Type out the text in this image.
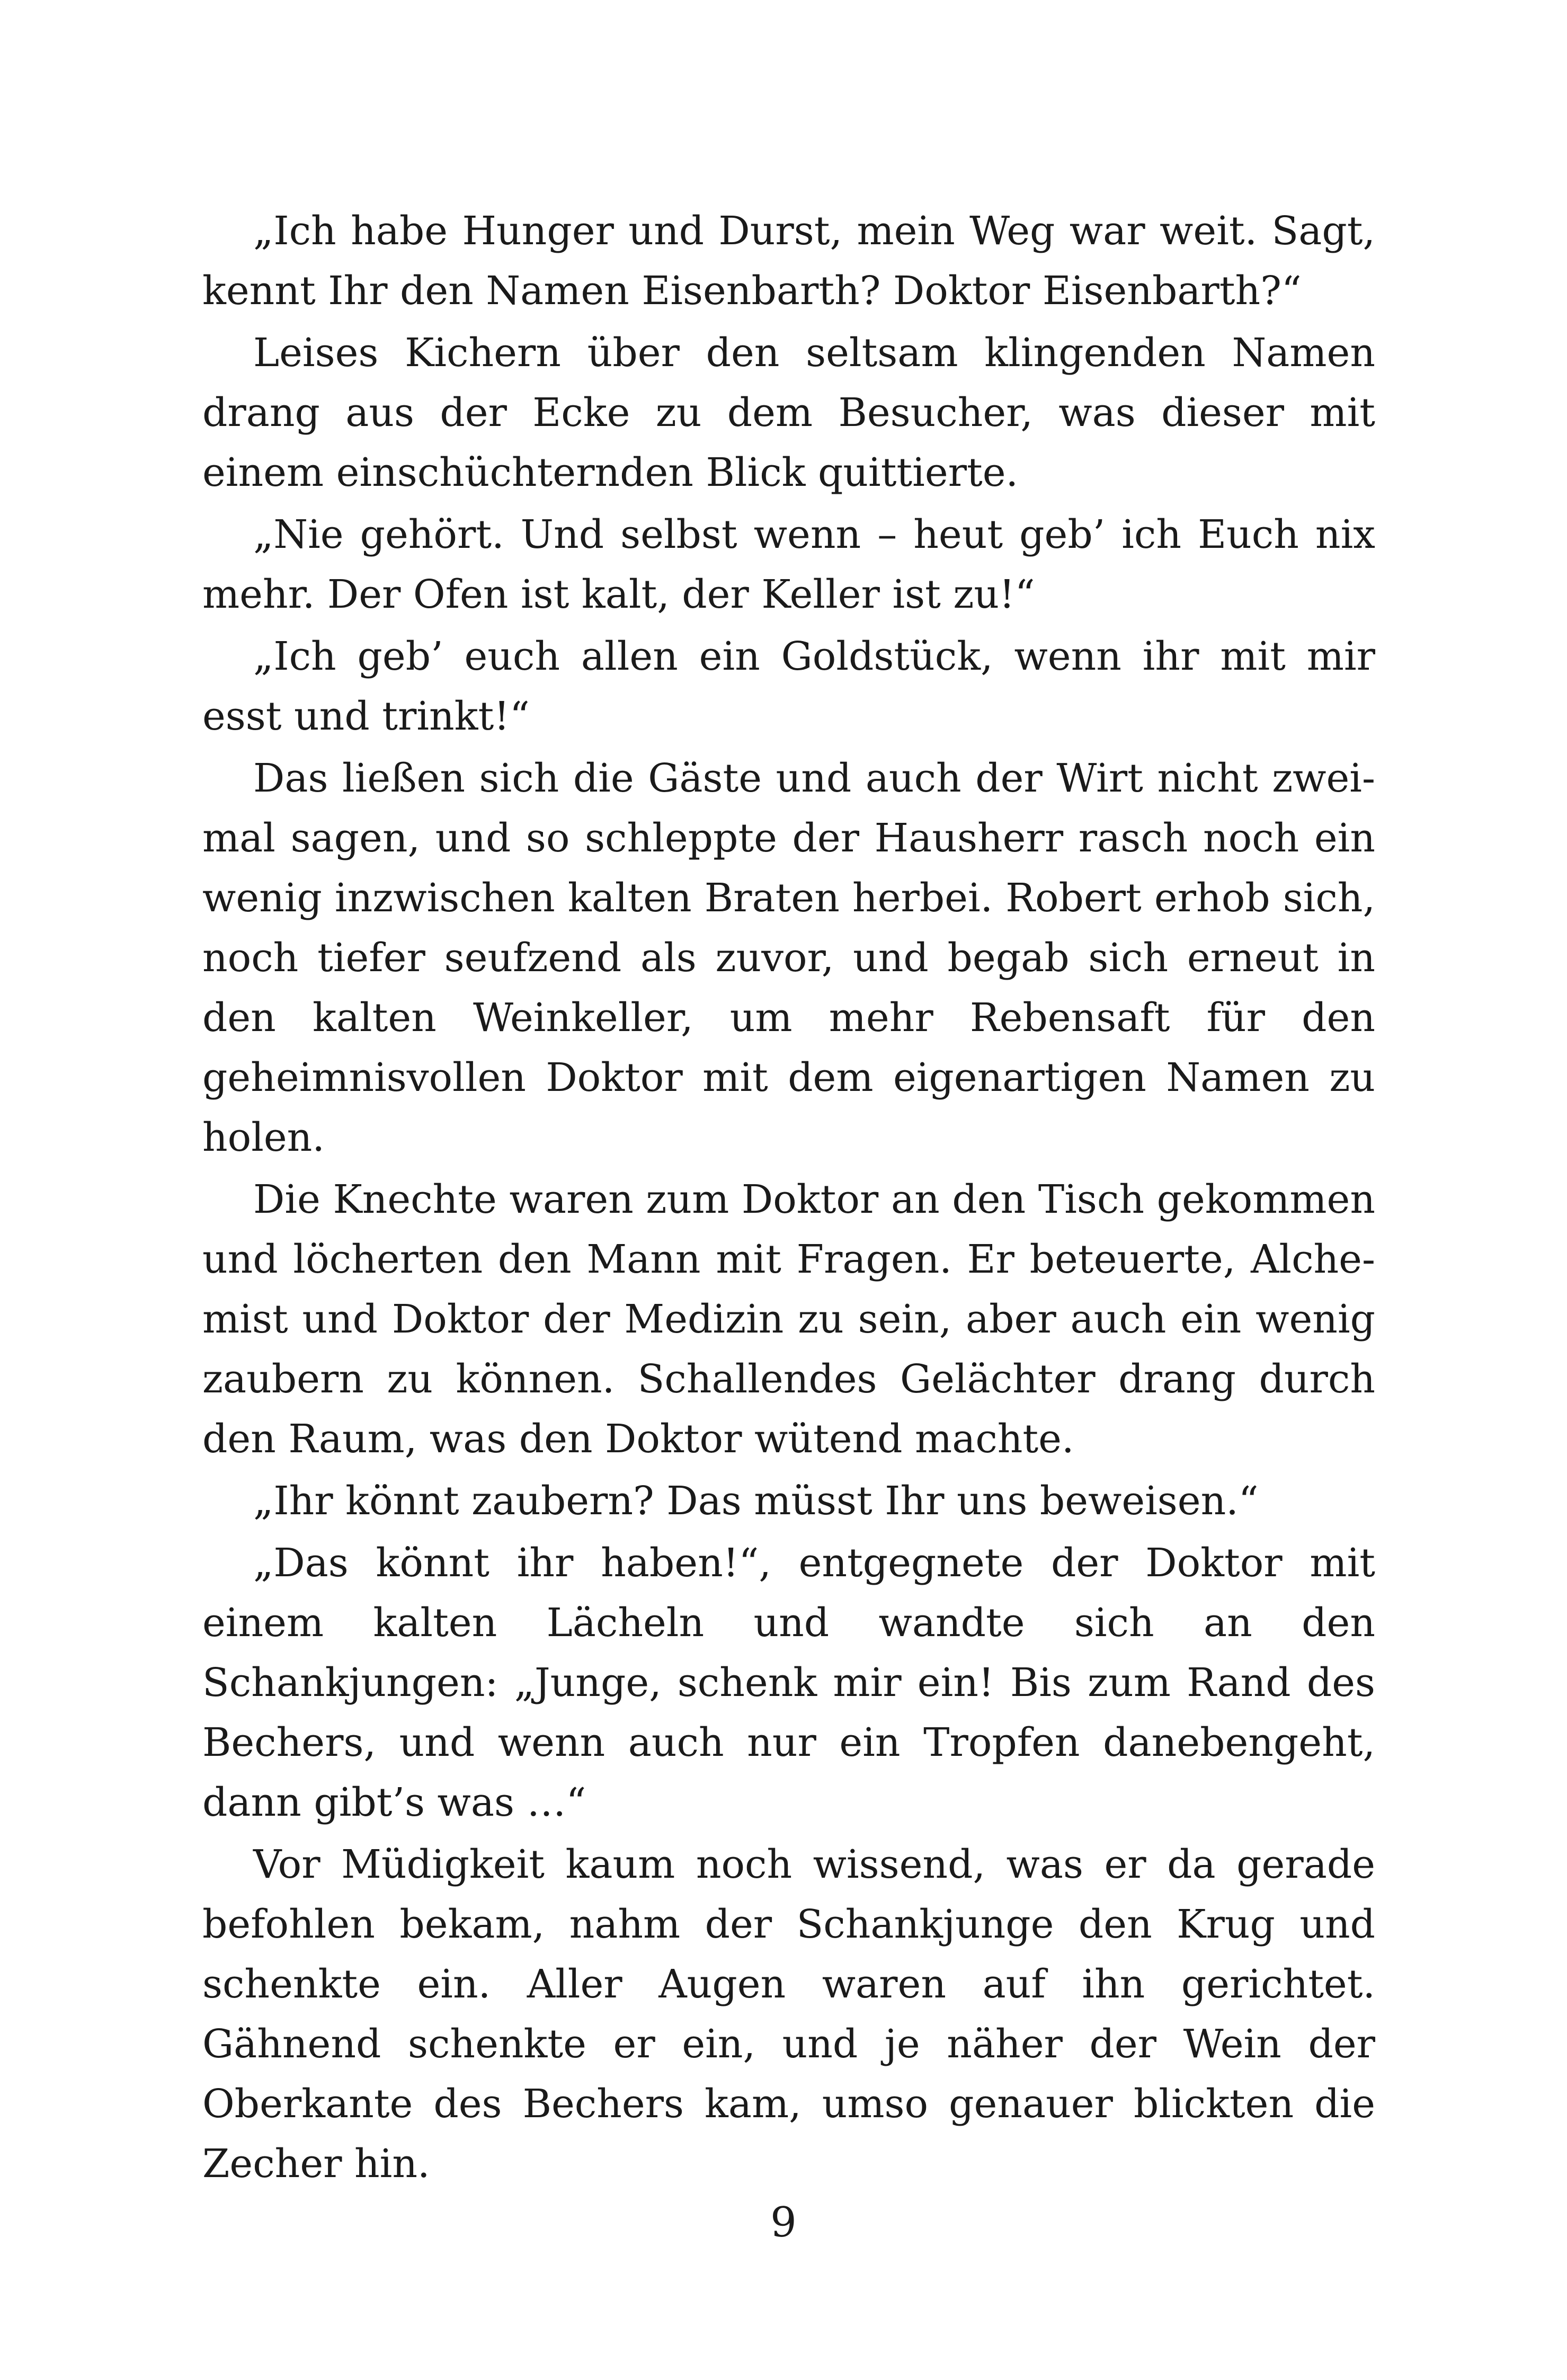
„Ich habe Hunger und Durst, mein Weg war weit. Sagt, kennt Ihr den Namen Eisenbarth? Doktor Eisenbarth?“

Leises Kichern über den seltsam klingenden Namen drang aus der Ecke zu dem Besucher, was dieser mit einem einschüchternden Blick quittierte.

„Nie gehört. Und selbst wenn – heut geb’ ich Euch nix mehr. Der Ofen ist kalt, der Keller ist zu!“

„Ich geb’ euch allen ein Goldstück, wenn ihr mit mir esst und trinkt!“

Das ließen sich die Gäste und auch der Wirt nicht zweimal sagen, und so schleppte der Hausherr rasch noch ein wenig inzwischen kalten Braten herbei. Robert erhob sich, noch tiefer seufzend als zuvor, und begab sich erneut in den kalten Weinkeller, um mehr Rebensaft für den geheimnisvollen Doktor mit dem eigenartigen Namen zu holen.

Die Knechte waren zum Doktor an den Tisch gekommen und löcherten den Mann mit Fragen. Er beteuerte, Alchemist und Doktor der Medizin zu sein, aber auch ein wenig zaubern zu können. Schallendes Gelächter drang durch den Raum, was den Doktor wütend machte.

„Ihr könnt zaubern? Das müsst Ihr uns beweisen.“

„Das könnt ihr haben!“, entgegnete der Doktor mit einem kalten Lächeln und wandte sich an den Schankjungen: „Junge, schenk mir ein! Bis zum Rand des Bechers, und wenn auch nur ein Tropfen danebengeht, dann gibt’s was …“

Vor Müdigkeit kaum noch wissend, was er da gerade befohlen bekam, nahm der Schankjunge den Krug und schenkte ein. Aller Augen waren auf ihn gerichtet. Gähnend schenkte er ein, und je näher der Wein der Oberkante des Bechers kam, umso genauer blickten die Zecher hin.

9
